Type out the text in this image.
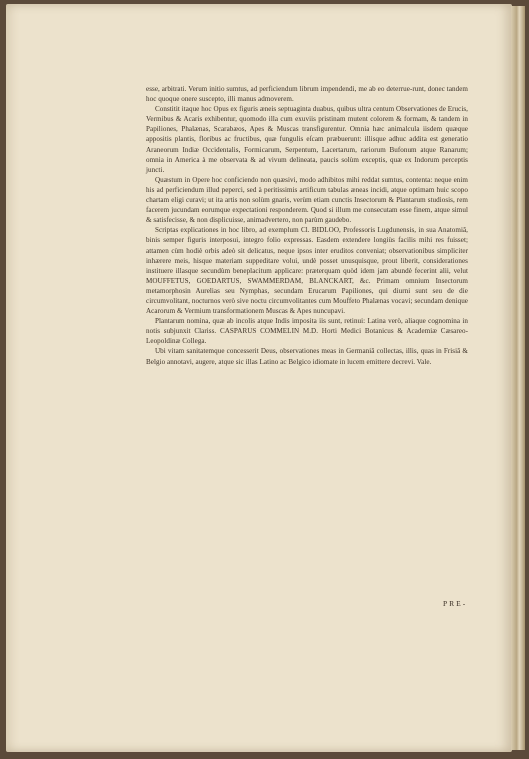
esse, arbitrati. Verum initio sumtus, ad perficiendum librum impendendi, me ab eo deterrue-runt, donec tandem hoc quoque onere suscepto, illi manus admoverem.

Constitit itaque hoc Opus ex figuris æneis septuaginta duabus, quibus ultra centum Observationes de Erucis, Vermibus & Acaris exhibentur, quomodo illa cum exuviis pristinam mutent colorem & formam, & tandem in Papiliones, Phalænas, Scarabæos, Apes & Muscas transfigurentur. Omnia hæc animalcula iisdem quæque appositis plantis, floribus ac fructibus, quæ fungulis eſcam præbuerunt: illisque adhuc addita est generatio Araneorum Indiæ Occidentalis, Formicarum, Serpentum, Lacertarum, rariorum Bufonum atque Ranarum; omnia in America à me observata & ad vivum delineata, paucis solùm exceptis, quæ ex Indorum perceptis juncti.

Quæstum in Opere hoc conficiendo non quæsivi, modo adhibitos mihi reddat sumtus, contenta: neque enim his ad perficiendum illud peperci, sed à peritissimis artificum tabulas æneas incidi, atque optimam huic scopo chartam eligi curavi; ut ita artis non solùm gnaris, verùm etiam cunctis Insectorum & Plantarum studiosis, rem facerem jucundam eorumque expectationi responderem. Quod si illum me consecutam esse finem, atque simul & satisfecisse, & non displicuisse, animadvertero, non parùm gaudebo.

Scriptas explicationes in hoc libro, ad exemplum Cl. BIDLOO, Professoris Lugdunensis, in sua Anatomiâ, binis semper figuris interposui, integro folio expressas. Easdem extendere longiùs facilis mihi res fuisset; attamen cùm hodiè orbis adeò sit delicatus, neque ipsos inter eruditos conveniat; observationibus simpliciter inhærere meis, hisque materiam suppeditare volui, undè posset unusquisque, prout liberit, considerationes instituere illasque secundùm beneplacitum applicare: præterquam quòd idem jam abundè fecerint alii, velut MOUFFETUS, GOEDARTUS, SWAMMERDAM, BLANCKART, &c. Primam omnium Insectorum metamorphosin Aurelias seu Nymphas, secundam Erucarum Papiliones, qui diurni sunt seu de die circumvolitant, nocturnos verò sive noctu circumvolitantes cum Mouffeto Phalænas vocavi; secundam denique Acarorum & Vermium transformationem Muscas & Apes nuncupavi.

Plantarum nomina, quæ ab incolis atque Indis imposita iis sunt, retinui: Latina verò, aliaque cognomina in notis subjunxit Clariss. CASPARUS COMMELIN M.D. Horti Medici Botanicus & Academiæ Cæsareo-Leopoldinæ Collega.

Ubi vitam sanitatemque concesserit Deus, observationes meas in Germaniâ collectas, illis, quas in Frisiâ & Belgio annotavi, augere, atque sic illas Latino ac Belgico idiomate in lucem emittere decrevi. Vale.

PRE-
